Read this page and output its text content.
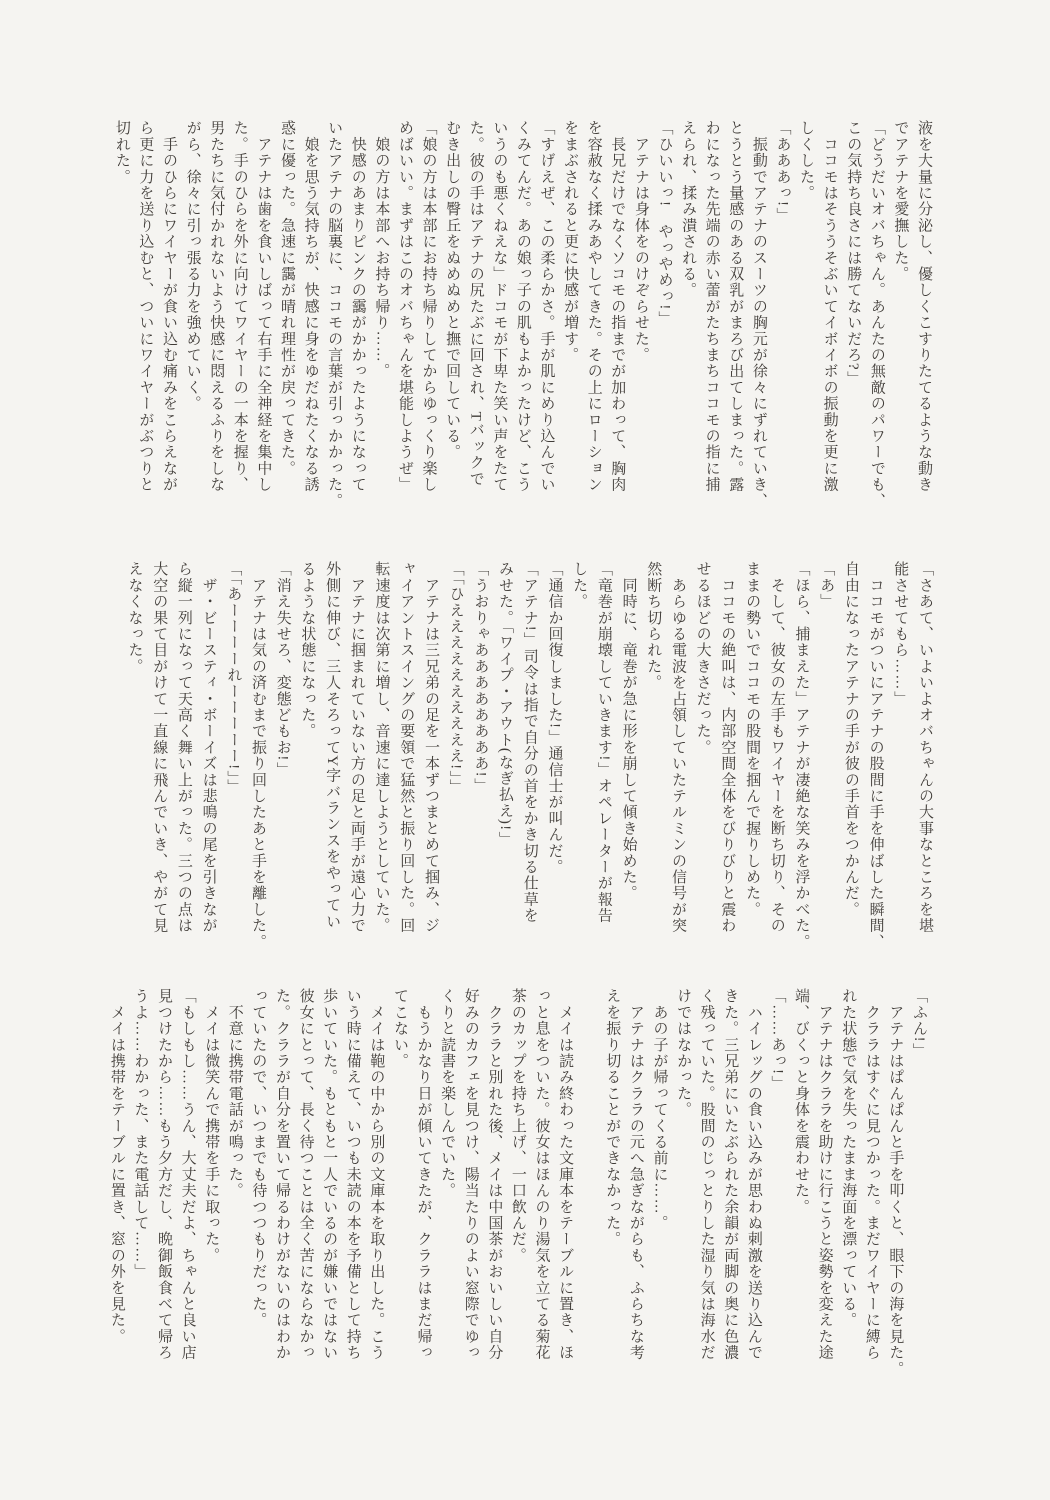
液を大量に分泌し、優しくこすりたてるような動き

でアテナを愛撫した。

「どうだいオバちゃん。あんたの無敵のパワーでも、

この気持ち良さには勝てないだろ?」

　ココモはそううそぶいてイボイボの振動を更に激

しくした。

「あああっ!」

　振動でアテナのスーツの胸元が徐々にずれていき、

とうとう量感のある双乳がまろび出てしまった。露

わになった先端の赤い蕾がたちまちココモの指に捕

えられ、揉み潰される。

「ひいいっ!　やっやめっ!」

　アテナは身体をのけぞらせた。

　長兄だけでなくソコモの指までが加わって、胸肉

を容赦なく揉みあやしてきた。その上にローション

をまぶされると更に快感が増す。

「すげえぜ、この柔らかさ。手が肌にめり込んでい

くみてんだ。あの娘っ子の肌もよかったけど、こう

いうのも悪くねえな」ドコモが下卑た笑い声をたて

た。彼の手はアテナの尻たぶに回され、Tバックで

むき出しの臀丘をぬめぬめと撫で回している。

「娘の方は本部にお持ち帰りしてからゆっくり楽し

めばいい。まずはこのオバちゃんを堪能しようぜ」

　娘の方は本部へお持ち帰り……。

　快感のあまりピンクの靄がかかったようになって

いたアテナの脳裏に、ココモの言葉が引っかかった。

　娘を思う気持ちが、快感に身をゆだねたくなる誘

惑に優った。急速に靄が晴れ理性が戻ってきた。

　アテナは歯を食いしばって右手に全神経を集中し

た。手のひらを外に向けてワイヤーの一本を握り、

男たちに気付かれないよう快感に悶えるふりをしな

がら、徐々に引っ張る力を強めていく。

　手のひらにワイヤーが食い込む痛みをこらえなが

ら更に力を送り込むと、ついにワイヤーがぶつりと

切れた。

「さあて、いよいよオバちゃんの大事なところを堪

能させてもら……」

　ココモがついにアテナの股間に手を伸ばした瞬間、

自由になったアテナの手が彼の手首をつかんだ。

「あ」

「ほら、捕まえた」アテナが凄絶な笑みを浮かべた。

　そして、彼女の左手もワイヤーを断ち切り、その

ままの勢いでココモの股間を掴んで握りしめた。

　ココモの絶叫は、内部空間全体をびりびりと震わ

せるほどの大きさだった。

　あらゆる電波を占領していたテルミンの信号が突

然断ち切られた。

　同時に、竜巻が急に形を崩して傾き始めた。

「竜巻が崩壊していきます!」オペレーターが報告

した。

「通信か回復しました!」通信士が叫んだ。

「アテナ!」司令は指で自分の首をかき切る仕草を

みせた。「ワイプ・アウト(なぎ払え)!」

「うおりゃああああああああ!」

「「ひええええええええええ!」」

　アテナは三兄弟の足を一本ずつまとめて掴み、ジ

ャイアントスイングの要領で猛然と振り回した。回

転速度は次第に増し、音速に達しようとしていた。

　アテナに掴まれていない方の足と両手が遠心力で

外側に伸び、三人そろってY字バランスをやってい

るような状態になった。

「消え失せろ、変態どもお!」

　アテナは気の済むまで振り回したあと手を離した。

「「あーーーーれーーーーー!」」

　ザ・ビースティ・ボーイズは悲鳴の尾を引きなが

ら縦一列になって天高く舞い上がった。三つの点は

大空の果て目がけて一直線に飛んでいき、やがて見

えなくなった。

「ふん!」

　アテナはぱんぱんと手を叩くと、眼下の海を見た。

　クララはすぐに見つかった。まだワイヤーに縛ら

れた状態で気を失ったまま海面を漂っている。

　アテナはクララを助けに行こうと姿勢を変えた途

端、びくっと身体を震わせた。

「……あっ!」

　ハイレッグの食い込みが思わぬ刺激を送り込んで

きた。三兄弟にいたぶられた余韻が両脚の奥に色濃

く残っていた。股間のじっとりした湿り気は海水だ

けではなかった。

　あの子が帰ってくる前に……。

　アテナはクララの元へ急ぎながらも、ふらちな考

えを振り切ることができなかった。

　メイは読み終わった文庫本をテーブルに置き、ほ

っと息をついた。彼女はほんのり湯気を立てる菊花

茶のカップを持ち上げ、一口飲んだ。

　クララと別れた後、メイは中国茶がおいしい自分

好みのカフェを見つけ、陽当たりのよい窓際でゆっ

くりと読書を楽しんでいた。

　もうかなり日が傾いてきたが、クララはまだ帰っ

てこない。

　メイは鞄の中から別の文庫本を取り出した。こう

いう時に備えて、いつも未読の本を予備として持ち

歩いていた。もともと一人でいるのが嫌いではない

彼女にとって、長く待つことは全く苦にならなかっ

た。クララが自分を置いて帰るわけがないのはわか

っていたので、いつまでも待つつもりだった。

　不意に携帯電話が鳴った。

　メイは微笑んで携帯を手に取った。

「もしもし……うん、大丈夫だよ、ちゃんと良い店

見つけたから……もう夕方だし、晩御飯食べて帰ろ

うよ……わかった、また電話して……」

　メイは携帯をテーブルに置き、窓の外を見た。
